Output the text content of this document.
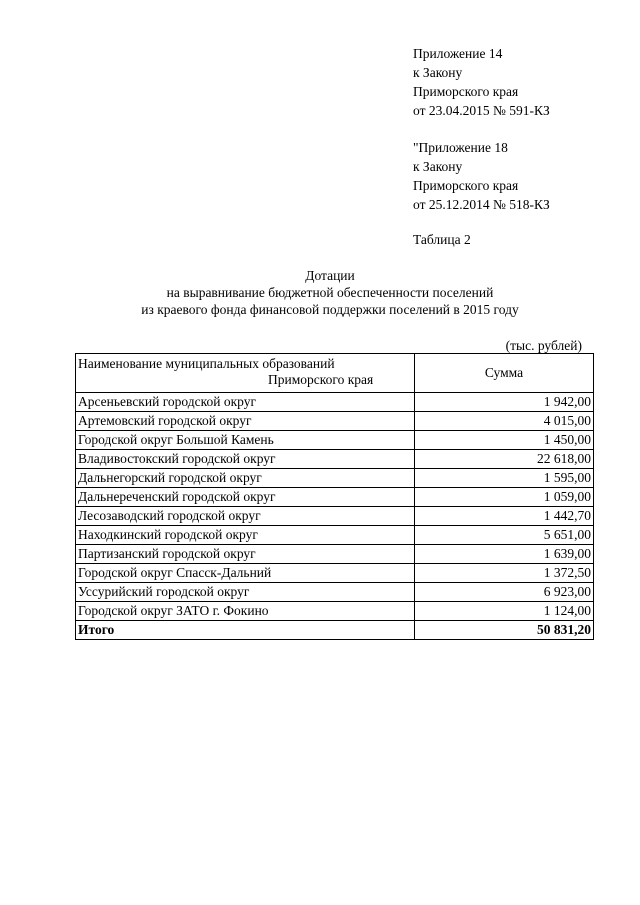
Приложение 14
к Закону
Приморского края
от 23.04.2015 № 591-КЗ
"Приложение 18
к Закону
Приморского края
от 25.12.2014 № 518-КЗ
Таблица 2
Дотации
на выравнивание бюджетной обеспеченности поселений
из краевого фонда финансовой поддержки поселений в 2015 году
(тыс. рублей)
Наименование муниципальных образований
Приморского края	Сумма
Арсеньевский городской округ	1 942,00
Артемовский городской округ	4 015,00
Городской округ Большой Камень	1 450,00
Владивостокский городской округ	22 618,00
Дальнегорский городской округ	1 595,00
Дальнереченский городской округ	1 059,00
Лесозаводский городской округ	1 442,70
Находкинский городской округ	5 651,00
Партизанский городской округ	1 639,00
Городской округ Спасск-Дальний	1 372,50
Уссурийский городской округ	6 923,00
Городской округ ЗАТО г. Фокино	1 124,00
Итого	50 831,20
